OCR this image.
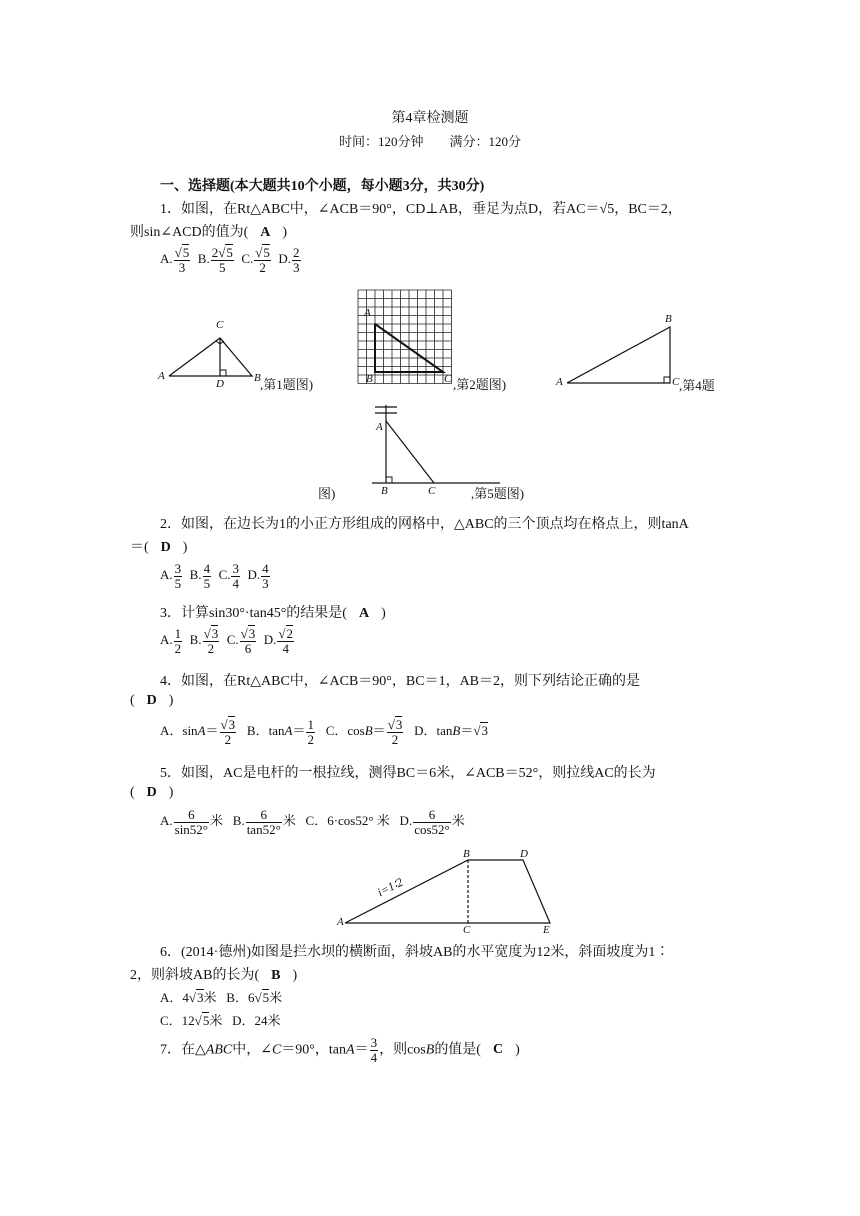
第4章检测题
时间：120分钟　　满分：120分
一、选择题(本大题共10个小题，每小题3分，共30分)
1．如图，在Rt△ABC中，∠ACB＝90°，CD⊥AB，垂足为点D，若AC＝√5，BC＝2，
则sin∠ACD的值为( A )
A. $\frac{√5}{3} B$. $\frac{2√5}{5} C$. $\frac{√5}{2} D$. $\frac{2}{3}$
C
A
D	B ,第1题图)
A
B	C ,第2题图)
B
A	C ,第4题
图)
A
B	C	,第5题图)
2．如图，在边长为1的小正方形组成的网格中，△ABC的三个顶点均在格点上，则tanA
＝( D )
A. $\frac{3}{5} B$. $\frac{4}{5} C$. $\frac{3}{4} D$. $\frac{4}{3}$
3．计算sin30°·tan45°的结果是( A )
A. $\frac{1}{2} B$. $\frac{√3}{2} C$. $\frac{√3}{6} D$. $\frac{√2}{4}$
4．如图，在Rt△ABC中，∠ACB＝90°，BC＝1，AB＝2，则下列结论正确的是
( D )
A．$\sin A= \frac{√3}{2}$ B．$\tan A= \frac{1}{2}$ C．$\cos B= \frac{√3}{2}$ D．tanB＝√3
5．如图，AC是电杆的一根拉线，测得BC＝6米，∠ACB＝52°，则拉线AC的长为
( D )
A. $\frac{6}{\sin 52^\circ}$ 米   B. $\frac{6}{\tan 52^\circ}$ 米   C．6·cos52° 米   D. $\frac{6}{\cos 52^\circ}$ 米
B	D
A
C	E
i=1∶2
6．(2014·德州)如图是拦水坝的横断面，斜坡AB的水平宽度为12米，斜面坡度为1∶
2，则斜坡AB的长为( B )
A．4√3米   B．6√5米
C．12√5米   D．24米
7．在△ABC中，∠C＝90°，$\tan A= \frac{3}{4}$ ，则cosB的值是( C )
